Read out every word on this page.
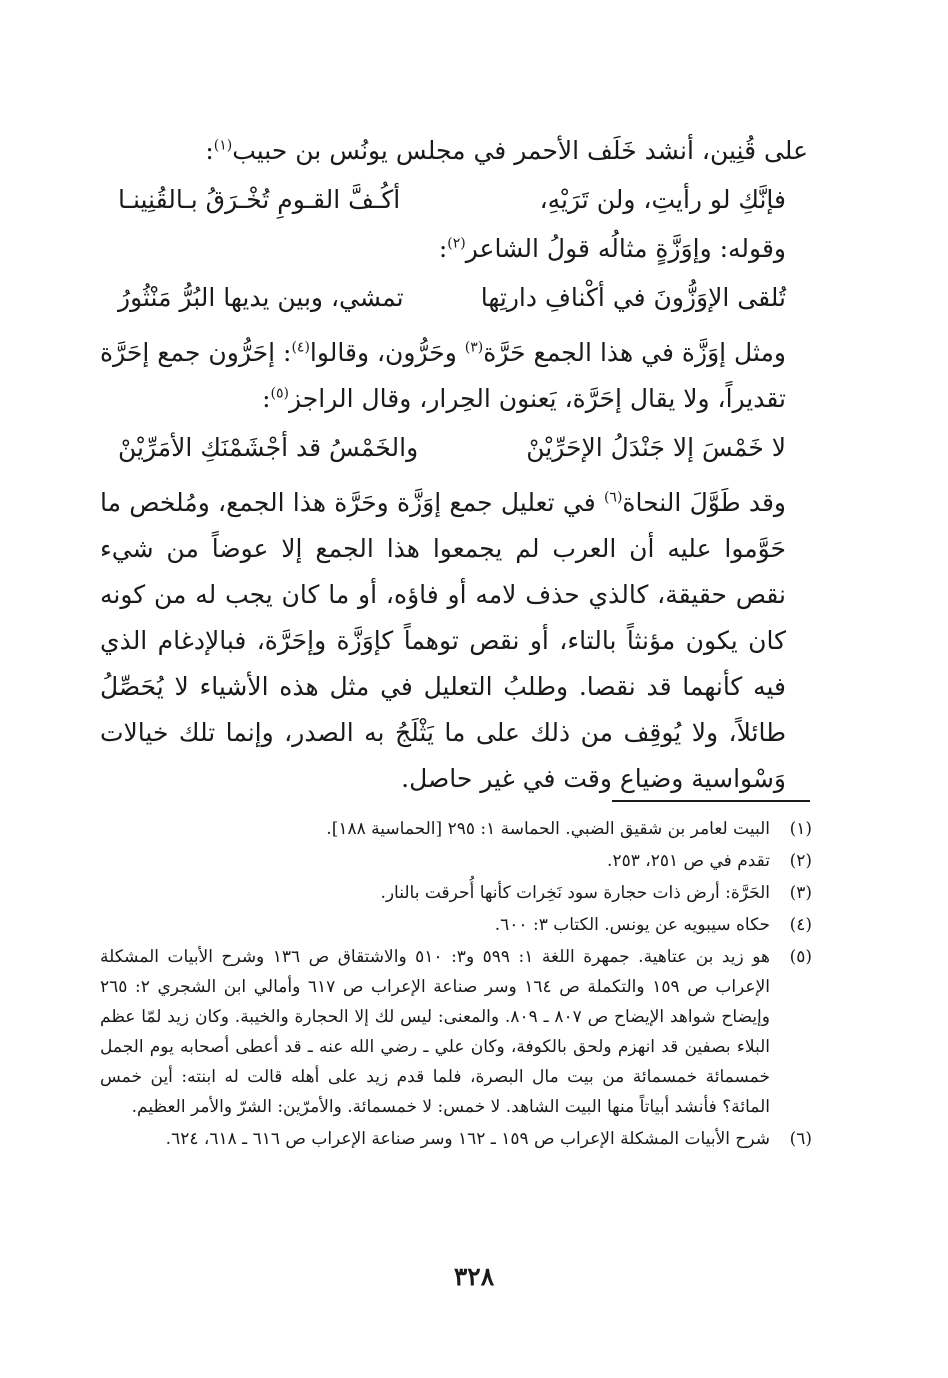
على قُنِين، أنشد خَلَف الأحمر في مجلس يونُس بن حبيب$^{(١)}$:

فإنَّكِ لو رأيتِ، ولن تَرَيْهِ،
أكُـفَّ القـومِ تُخْـرَقُ بـالقُنِينـا

وقوله: وإوَزَّةٍ مثالُه قولُ الشاعر$^{(٢)}$:

تُلقى الإوَزُّونَ في أكْنافِ دارتِها
تمشي، وبين يديها البُرُّ مَنْثُورُ

ومثل إوَزَّة في هذا الجمع حَرَّة$^{(٣)}$ وحَرُّون، وقالوا$^{(٤)}$: إحَرُّون جمع إحَرَّة تقديراً، ولا يقال إحَرَّة، يَعنون الحِرار، وقال الراجز$^{(٥)}$:

لا خَمْسَ إلا جَنْدَلُ الإحَرِّيْنْ
والخَمْسُ قد أجْشَمْنَكِ الأمَرِّيْنْ

وقد طَوَّلَ النحاة$^{(٦)}$ في تعليل جمع إوَزَّة وحَرَّة هذا الجمع، ومُلخص ما حَوَّموا عليه أن العرب لم يجمعوا هذا الجمع إلا عوضاً من شيء نقص حقيقة، كالذي حذف لامه أو فاؤه، أو ما كان يجب له من كونه كان يكون مؤنثاً بالتاء، أو نقص توهماً كإوَزَّة وإحَرَّة، فبالإدغام الذي فيه كأنهما قد نقصا. وطلبُ التعليل في مثل هذه الأشياء لا يُحَصِّلُ طائلاً، ولا يُوقِف من ذلك على ما يَثْلَجُ به الصدر، وإنما تلك خيالات وَسْواسية وضياع وقت في غير حاصل.

(١)
البيت لعامر بن شقيق الضبي. الحماسة ١: ٢٩٥ [الحماسية ١٨٨].
(٢)
تقدم في ص ٢٥١، ٢٥٣.
(٣)
الحَرَّة: أرض ذات حجارة سود نَخِرات كأنها أُحرقت بالنار.
(٤)
حكاه سيبويه عن يونس. الكتاب ٣: ٦٠٠.
(٥)
هو زيد بن عتاهية. جمهرة اللغة ١: ٥٩٩ و٣: ٥١٠ والاشتقاق ص ١٣٦ وشرح الأبيات المشكلة الإعراب ص ١٥٩ والتكملة ص ١٦٤ وسر صناعة الإعراب ص ٦١٧ وأمالي ابن الشجري ٢: ٢٦٥ وإيضاح شواهد الإيضاح ص ٨٠٧ ـ ٨٠٩. والمعنى: ليس لك إلا الحجارة والخيبة. وكان زيد لمّا عظم البلاء بصفين قد انهزم ولحق بالكوفة، وكان علي ـ رضي الله عنه ـ قد أعطى أصحابه يوم الجمل خمسمائة خمسمائة من بيت مال البصرة، فلما قدم زيد على أهله قالت له ابنته: أين خمس المائة؟ فأنشد أبياتاً منها البيت الشاهد. لا خمس: لا خمسمائة. والأمرّين: الشرّ والأمر العظيم.
(٦)
شرح الأبيات المشكلة الإعراب ص ١٥٩ ـ ١٦٢ وسر صناعة الإعراب ص ٦١٦ ـ ٦١٨، ٦٢٤.
٣٢٨
